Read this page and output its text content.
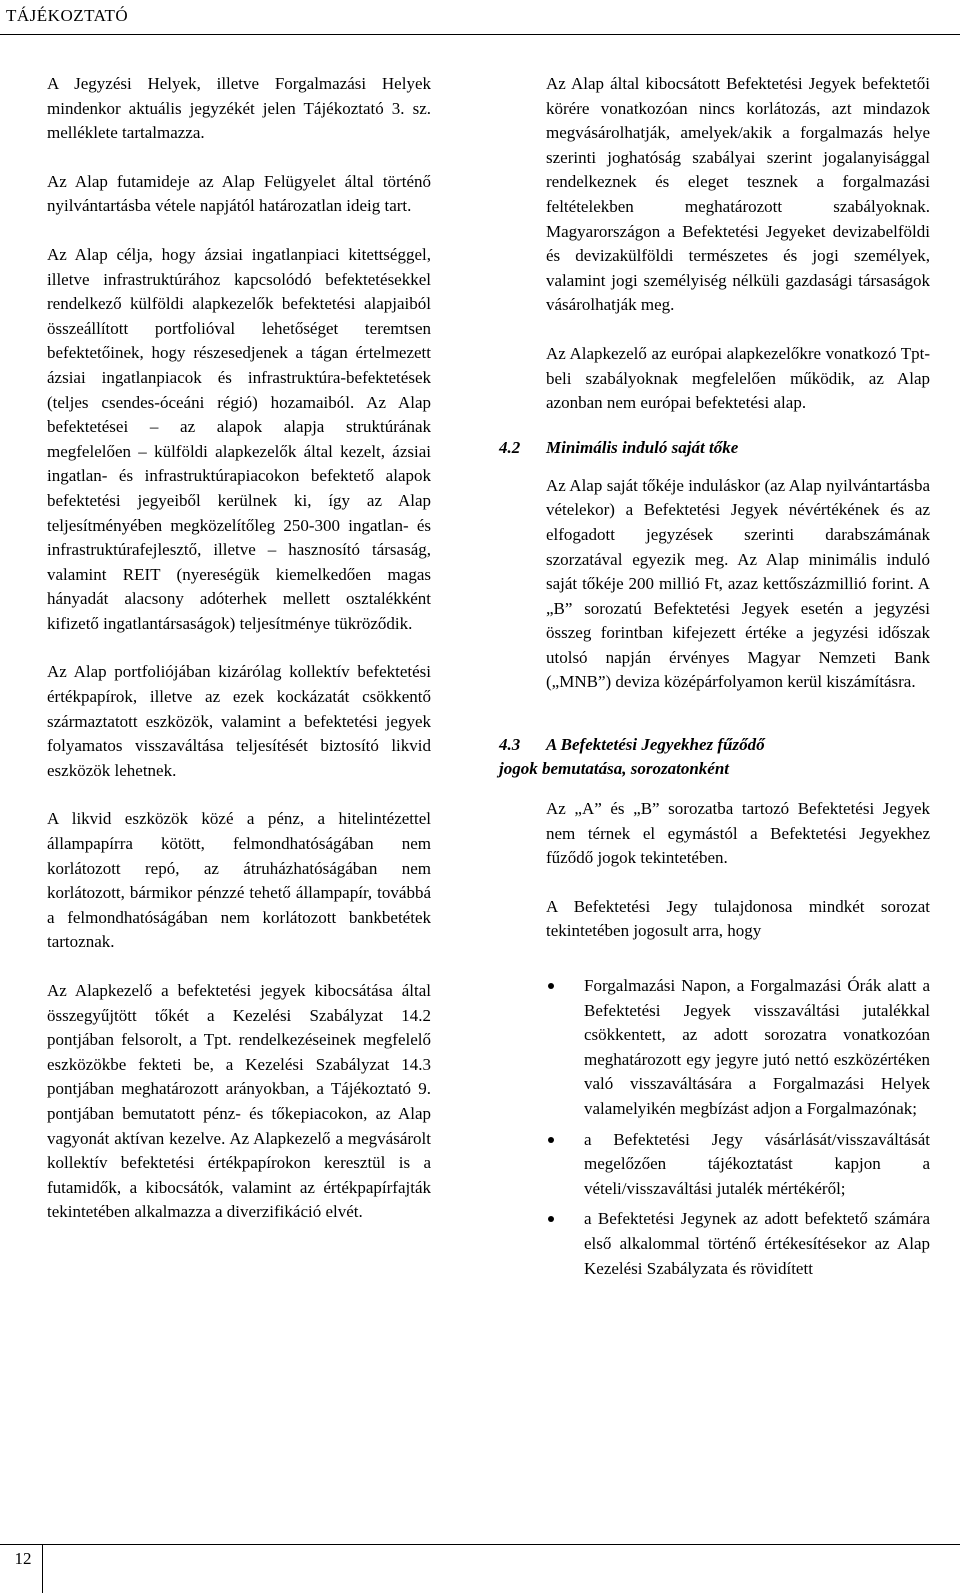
TÁJÉKOZTATÓ

A Jegyzési Helyek, illetve Forgalmazási Helyek mindenkor aktuális jegyzékét jelen Tájékoztató 3. sz. melléklete tartalmazza.

Az Alap futamideje az Alap Felügyelet által történő nyilvántartásba vétele napjától határozatlan ideig tart.

Az Alap célja, hogy ázsiai ingatlanpiaci kitettséggel, illetve infrastruktúrához kapcsolódó befektetésekkel rendelkező külföldi alapkezelők befektetési alapjaiból összeállított portfolióval lehetőséget teremtsen befektetőinek, hogy részesedjenek a tágan értelmezett ázsiai ingatlanpiacok és infrastruktúra-befektetések (teljes csendes-óceáni régió) hozamaiból. Az Alap befektetései – az alapok alapja struktúrának megfelelően – külföldi alapkezelők által kezelt, ázsiai ingatlan- és infrastruktúrapiacokon befektető alapok befektetési jegyeiből kerülnek ki, így az Alap teljesítményében megközelítőleg 250-300 ingatlan- és infrastruktúrafejlesztő, illetve – hasznosító társaság, valamint REIT (nyereségük kiemelkedően magas hányadát alacsony adóterhek mellett osztalékként kifizető ingatlantársaságok) teljesítménye tükröződik.

Az Alap portfoliójában kizárólag kollektív befektetési értékpapírok, illetve az ezek kockázatát csökkentő származtatott eszközök, valamint a befektetési jegyek folyamatos visszaváltása teljesítését biztosító likvid eszközök lehetnek.

A likvid eszközök közé a pénz, a hitelintézettel állampapírra kötött, felmondhatóságában nem korlátozott repó, az átruházhatóságában nem korlátozott, bármikor pénzzé tehető állampapír, továbbá a felmondhatóságában nem korlátozott bankbetétek tartoznak.

Az Alapkezelő a befektetési jegyek kibocsátása által összegyűjtött tőkét a Kezelési Szabályzat 14.2 pontjában felsorolt, a Tpt. rendelkezéseinek megfelelő eszközökbe fekteti be, a Kezelési Szabályzat 14.3 pontjában meghatározott arányokban, a Tájékoztató 9. pontjában bemutatott pénz- és tőkepiacokon, az Alap vagyonát aktívan kezelve. Az Alapkezelő a megvásárolt kollektív befektetési értékpapírokon keresztül is a futamidők, a kibocsátók, valamint az értékpapírfajták tekintetében alkalmazza a diverzifikáció elvét.

Az Alap által kibocsátott Befektetési Jegyek befektetői körére vonatkozóan nincs korlátozás, azt mindazok megvásárolhatják, amelyek/akik a forgalmazás helye szerinti joghatóság szabályai szerint jogalanyisággal rendelkeznek és eleget tesznek a forgalmazási feltételekben meghatározott szabályoknak. Magyarországon a Befektetési Jegyeket devizabelföldi és devizakülföldi természetes és jogi személyek, valamint jogi személyiség nélküli gazdasági társaságok vásárolhatják meg.

Az Alapkezelő az európai alapkezelőkre vonatkozó Tpt-beli szabályoknak megfelelően működik, az Alap azonban nem európai befektetési alap.

4.2 Minimális induló saját tőke

Az Alap saját tőkéje induláskor (az Alap nyilvántartásba vételekor) a Befektetési Jegyek névértékének és az elfogadott jegyzések szerinti darabszámának szorzatával egyezik meg. Az Alap minimális induló saját tőkéje 200 millió Ft, azaz kettőszázmillió forint. A „B” sorozatú Befektetési Jegyek esetén a jegyzési összeg forintban kifejezett értéke a jegyzési időszak utolsó napján érvényes Magyar Nemzeti Bank („MNB”) deviza középárfolyamon kerül kiszámításra.

4.3 A Befektetési Jegyekhez fűződő
jogok bemutatása, sorozatonként

Az „A” és „B” sorozatba tartozó Befektetési Jegyek nem térnek el egymástól a Befektetési Jegyekhez fűződő jogok tekintetében.

A Befektetési Jegy tulajdonosa mindkét sorozat tekintetében jogosult arra, hogy

Forgalmazási Napon, a Forgalmazási Órák alatt a Befektetési Jegyek visszaváltási jutalékkal csökkentett, az adott sorozatra vonatkozóan meghatározott egy jegyre jutó nettó eszközértéken való visszaváltására a Forgalmazási Helyek valamelyikén megbízást adjon a Forgalmazónak;

a Befektetési Jegy vásárlását/visszaváltását megelőzően tájékoztatást kapjon a vételi/visszaváltási jutalék mértékéről;

a Befektetési Jegynek az adott befektető számára első alkalommal történő értékesítésekor az Alap Kezelési Szabályzata és rövidített

12
